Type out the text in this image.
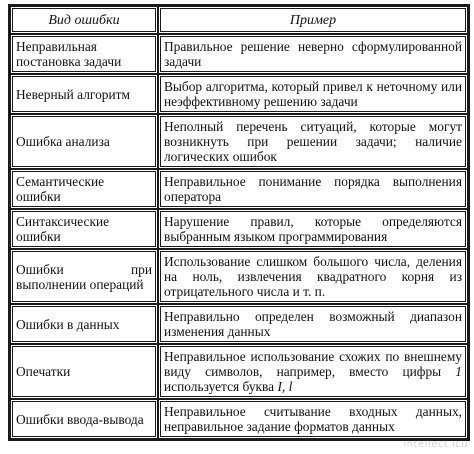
Вид ошибки	Пример
Неправильная постановка задачи	Правильное решение неверно сформулированной задачи
Неверный алгоритм	Выбор алгоритма, который привел к неточному или неэффективному решению задачи
Ошибка анализа	Неполный перечень ситуаций, которые могут возникнуть при решении задачи; наличие логических ошибок
Семантические ошибки	Неправильное понимание порядка выполнения оператора
Синтаксические ошибки	Нарушение правил, которые определяются выбранным языком программирования
Ошибки при выполнении операций	Использование слишком большого числа, деления на ноль, извлечения квадратного корня из отрицательного числа и т. п.
Ошибки в данных	Неправильно определен возможный диапазон изменения данных
Опечатки	Неправильное использование схожих по внешнему виду символов, например, вместо цифры 1 используется буква I, l
Ошибки ввода-вывода	Неправильное считывание входных данных, неправильное задание форматов данных
intellect.icu
